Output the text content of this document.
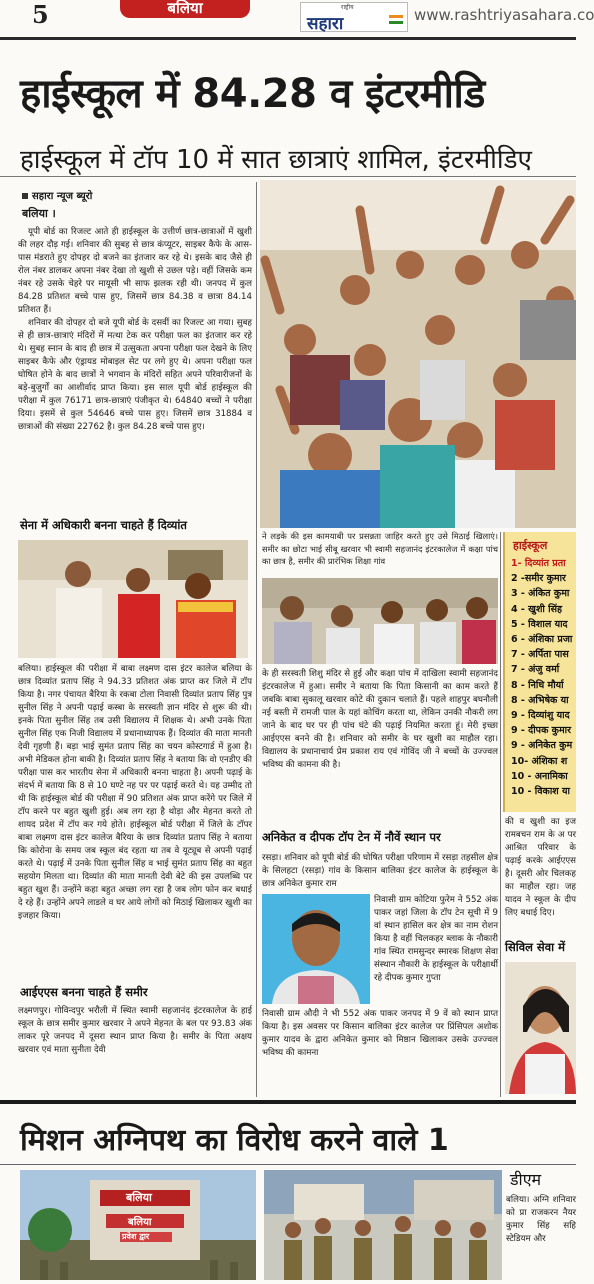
5	बलिया	राष्ट्रीय
सहारा	www.rashtriyasahara.co
हाईस्कूल में 84.28 व इंटरमीडि
हाईस्कूल में टॉप 10 में सात छात्राएं शामिल, इंटरमीडिए
सहारा न्यूज ब्यूरो
बलिया ।

यूपी बोर्ड का रिजल्ट आते ही हाईस्कूल के उत्तीर्ण छात्र-छात्राओं में खुशी की लहर दौड़ गई। शनिवार की सुबह से छात्र कंप्यूटर, साइबर कैफे के आस-पास मंडराते हुए दोपहर दो बजने का इंतजार कर रहे थे। इसके बाद जैसे ही रोल नंबर डालकर अपना नंबर देखा तो खुशी से उछल पड़े। वहीं जिसके कम नंबर रहे उसके चेहरे पर मायूसी भी साफ झलक रही थी। जनपद में कुल 84.28 प्रतिशत बच्चे पास हुए, जिसमें छात्र 84.38 व छात्रा 84.14 प्रतिशत हैं।

शनिवार की दोपहर दो बजे यूपी बोर्ड के दसवीं का रिजल्ट आ गया। सुबह से ही छात्र-छात्राएं मंदिरों में मत्था टेक कर परीक्षा फल का इंतजार कर रहे थे। सुबह स्नान के बाद ही छात्र में उत्सुकता अपना परीक्षा फल देखने के लिए साइबर कैफे और एंड्रायड मोबाइल सेट पर लगे हुए थे। अपना परीक्षा फल घोषित होने के बाद छात्रों ने भगवान के मंदिरों सहित अपने परिवारीजनों के बड़े-बुजुर्गों का आशीर्वाद प्राप्त किया। इस साल यूपी बोर्ड हाईस्कूल की परीक्षा में कुल 76171 छात्र-छात्राएं पंजीकृत थे। 64840 बच्चों ने परीक्षा दिया। इसमें से कुल 54646 बच्चे पास हुए। जिसमें छात्र 31884 व छात्राओं की संख्या 22762 है। कुल 84.28 बच्चे पास हुए।

सेना में अधिकारी बनना चाहते हैं दिव्यांत

बलिया। हाईस्कूल की परीक्षा में बाबा लक्ष्मण दास इंटर कालेज बलिया के छात्र दिव्यांत प्रताप सिंह ने 94.33 प्रतिशत अंक प्राप्त कर जिले में टॉप किया है। नगर पंचायत बैरिया के रकबा टोला निवासी दिव्यांत प्रताप सिंह पुत्र सुनील सिंह ने अपनी पढ़ाई कस्बा के सरस्वती ज्ञान मंदिर से शुरू की थी। इनके पिता सुनील सिंह तब उसी विद्यालय में शिक्षक थे। अभी उनके पिता सुनील सिंह एक निजी विद्यालय में प्रधानाध्यापक हैं। दिव्यांत की माता मानती देवी गृहणी हैं। बड़ा भाई सुमंत प्रताप सिंह का चयन कोस्टगार्ड में हुआ है। अभी मेडिकल होना बाकी है। दिव्यांत प्रताप सिंह ने बताया कि वो एनडीए की परीक्षा पास कर भारतीय सेना में अधिकारी बनना चाहता है। अपनी पढ़ाई के संदर्भ में बताया कि 8 से 10 घण्टे नह पर पर पढ़ाई करते थे। यह उम्मीद तो थी कि हाईस्कूल बोर्ड की परीक्षा में 90 प्रतिशत अंक प्राप्त करेंगे पर जिले में टॉप करने पर बहुत खुशी हुई। अब लग रहा है थोड़ा और मेहनत करते तो शायद प्रदेश में टॉप कर गये होते। हाईस्कूल बोर्ड परीक्षा में जिले के टॉपर बाबा लक्ष्मण दास इंटर कालेज बैरिया के छात्र दिव्यांत प्रताप सिंह ने बताया कि कोरोना के समय जब स्कूल बंद रहता था तब वे यूट्यूब से अपनी पढ़ाई करते थे। पढ़ाई में उनके पिता सुनील सिंह व भाई सुमंत प्रताप सिंह का बहुत सहयोग मिलता था। दिव्यांत की माता मानती देवी बेटे की इस उपलब्धि पर बहुत खुश हैं। उन्होंने कहा बहुत अच्छा लग रहा है जब लोग फोन कर बधाई दे रहे हैं। उन्होंने अपने लाडले व घर आये लोगों को मिठाई खिलाकर खुशी का इजहार किया।

आईएएस बनना चाहते हैं समीर

लक्ष्मणपुर। गोविन्दपुर भरौली में स्थित स्वामी सहजानंद इंटरकालेज के हाई स्कूल के छात्र समीर कुमार खरवार ने अपने मेहनत के बल पर 93.83 अंक लाकर पूरे जनपद में दूसरा स्थान प्राप्त किया है। समीर के पिता अक्षय खरवार एवं माता सुनीता देवी

ने लड़के की इस कामयाबी पर प्रसन्नता जाहिर करते हुए उसे मिठाई खिलाएं। समीर का छोटा भाई सीबू खरवार भी स्वामी सहजानंद इंटरकालेज में कक्षा पांच का छात्र है, समीर की प्रारंभिक शिक्षा गांव

के ही सरस्वती शिशु मंदिर से हुई और कक्षा पांच में दाखिला स्वामी सहजानंद इंटरकालेज में हुआ। समीर ने बताया कि पिता किसानी का काम करते हैं जबकि बाबा सुकालू खरवार कोटे की दुकान चलाते हैं। पहले शाहपुर बघनौली नई बस्ती में रामजी पाल के यहां कोचिंग करता था, लेकिन उनकी नौकरी लग जाने के बाद घर पर ही पांच घंटे की पढ़ाई नियमित करता हूं। मेरी इच्छा आईएएस बनने की है। शनिवार को समीर के घर खुशी का माहौल रहा। विद्यालय के प्रधानाचार्य प्रेम प्रकाश राय एवं गोविंद जी ने बच्चों के उज्ज्वल भविष्य की कामना की है।

अनिकेत व दीपक टॉप टेन में नौवें स्थान पर

रसड़ा। शनिवार को यूपी बोर्ड की घोषित परीक्षा परिणाम में रसड़ा तहसील क्षेत्र के सिलहटा (रसड़ा) गांव के किसान बालिका इंटर कालेज के हाईस्कूल के छात्र अनिकेत कुमार राम

निवासी ग्राम कोटिया फुरेम ने 552 अंक पाकर जहां जिला के टॉप टेन सूची में 9 वां स्थान हासिल कर क्षेत्र का नाम रोशन किया है वहीं चिलकहर ब्लाक के नौकारी गांव स्थित रामसुन्दर स्मारक शिक्षण सेवा संस्थान नौकारी के हाईस्कूल के परीक्षार्थी रहे दीपक कुमार गुप्ता

निवासी ग्राम औदी ने भी 552 अंक पाकर जनपद में 9 वें को स्थान प्राप्त किया है। इस अवसर पर किसान बालिका इंटर कालेज पर प्रिंसिपल अशोक कुमार यादव के द्वारा अनिकेत कुमार को मिष्ठान खिलाकर उसके उज्ज्वल भविष्य की कामना

हाईस्कूल
1- दिव्यांत प्रता
2 -समीर कुमार
3 - अंकित कुमा
4 - खुशी सिंह
5 - विशाल याद
6 - अंशिका प्रजा
7 - अर्पिता पास
7 - अंजु वर्मा
8 - निधि मौर्या
8 - अभिषेक या
9 - दिव्यांशु याद
9 - दीपक कुमार
9 - अनिकेत कुम
10- अंशिका श
10 - अनामिका
10 - विकाश या

की व खुशी का इज रामबचन राम के अ पर आश्रित परिवार के पढ़ाई करके आईएएस है। दूसरी ओर चिलकह का माहौल रहा। जह यादव ने स्कूल के दीप लिए बधाई दिए।

सिविल सेवा में
मिशन अग्निपथ का विरोध करने वाले 1
बलिया
बलिया
प्रवेश द्वार
डीएम

बलिया। अग्नि शनिवार को प्रा राजकरन नैयर कुमार सिंह सहि स्टेडियम और
